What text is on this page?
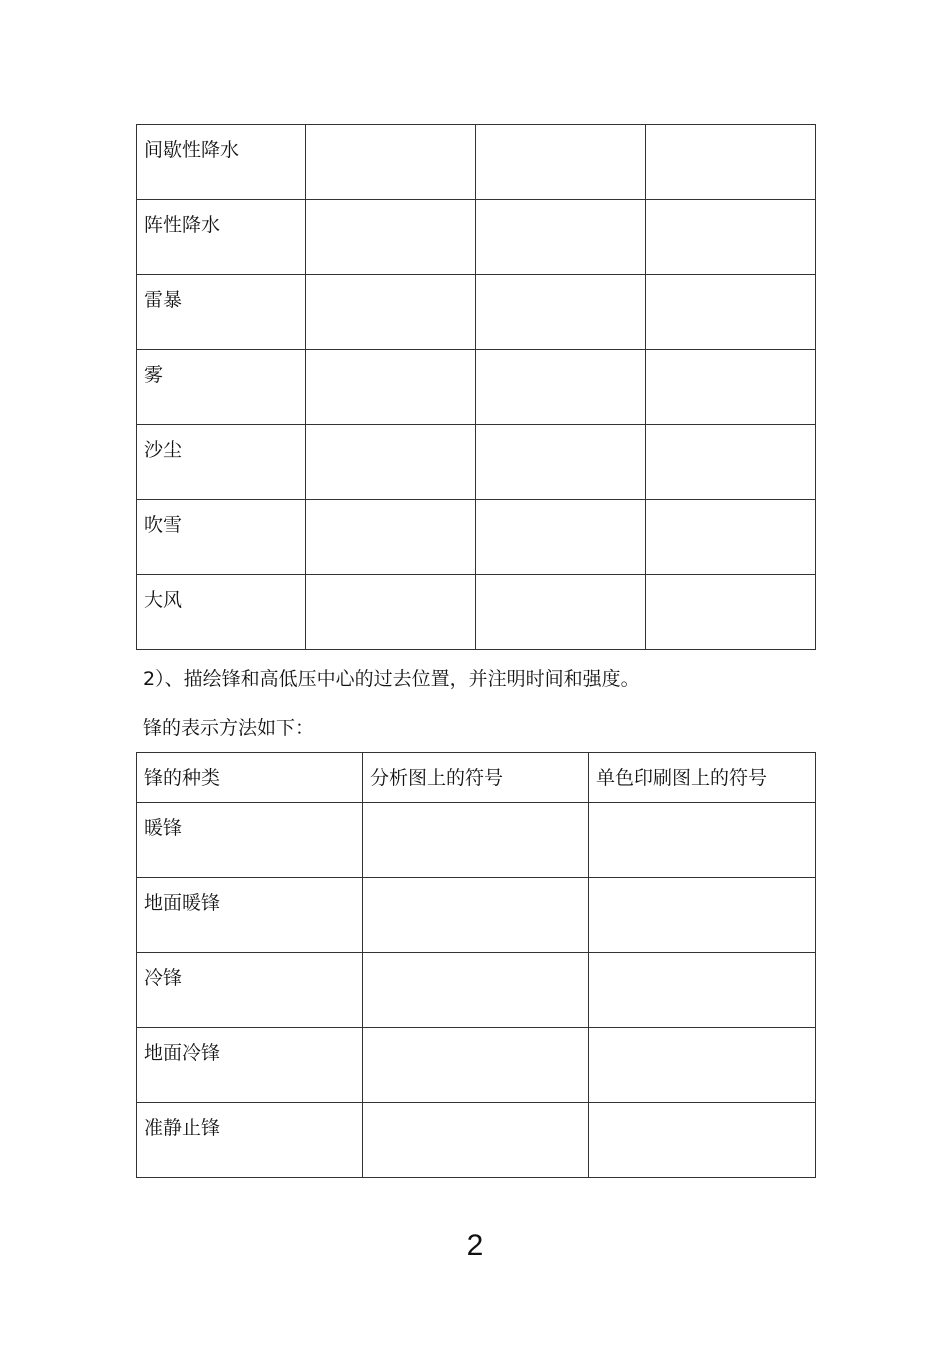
间歇性降水			

阵性降水			

雷暴			

雾			

沙尘			

吹雪			

大风			

2）、描绘锋和高低压中心的过去位置，并注明时间和强度。
锋的表示方法如下：
锋的种类	分析图上的符号	单色印刷图上的符号

暖锋		

地面暖锋		

冷锋		

地面冷锋		

准静止锋		

2
